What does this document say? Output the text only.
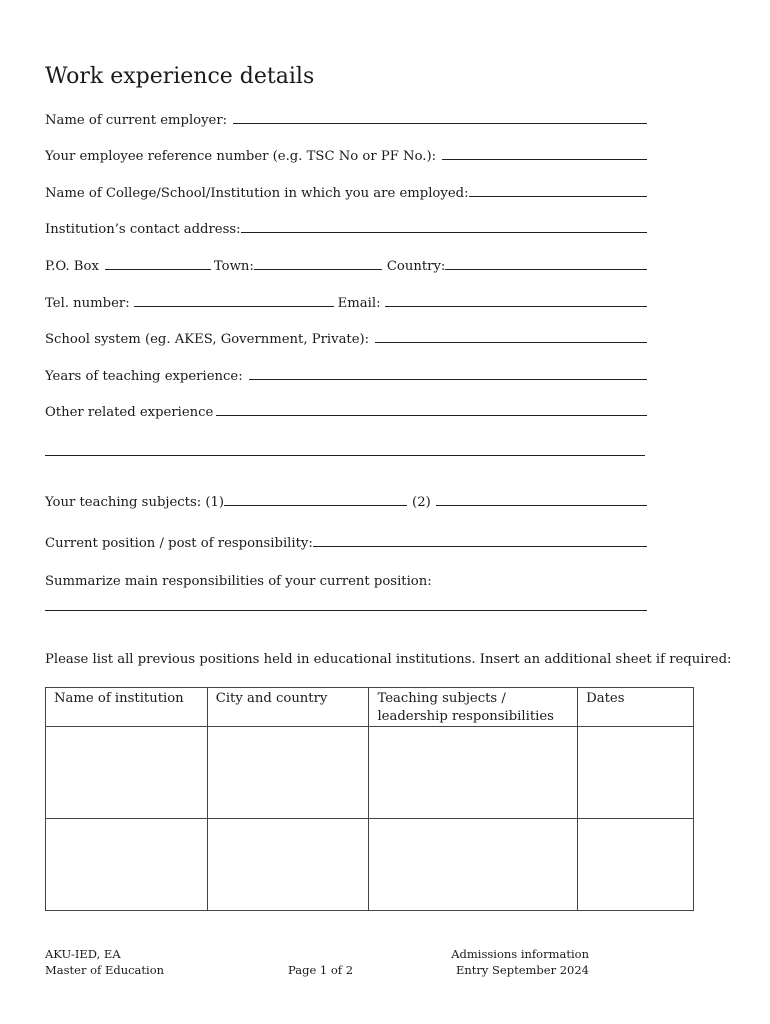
Work experience details
Name of current employer:
Your employee reference number (e.g. TSC No or PF No.):
Name of College/School/Institution in which you are employed:
Institution’s contact address:
P.O. Box	Town:	Country:
Tel. number:	Email:
School system (eg. AKES, Government, Private):
Years of teaching experience:
Other related experience
Your teaching subjects: (1)	(2)
Current position / post of responsibility:
Summarize main responsibilities of your current position:
Please list all previous positions held in educational institutions. Insert an additional sheet if required:
Name of institution	City and country	Teaching subjects / leadership responsibilities	Dates

AKU-IED, EA
Master of Education	Page 1 of 2
Admissions information
Entry September 2024
